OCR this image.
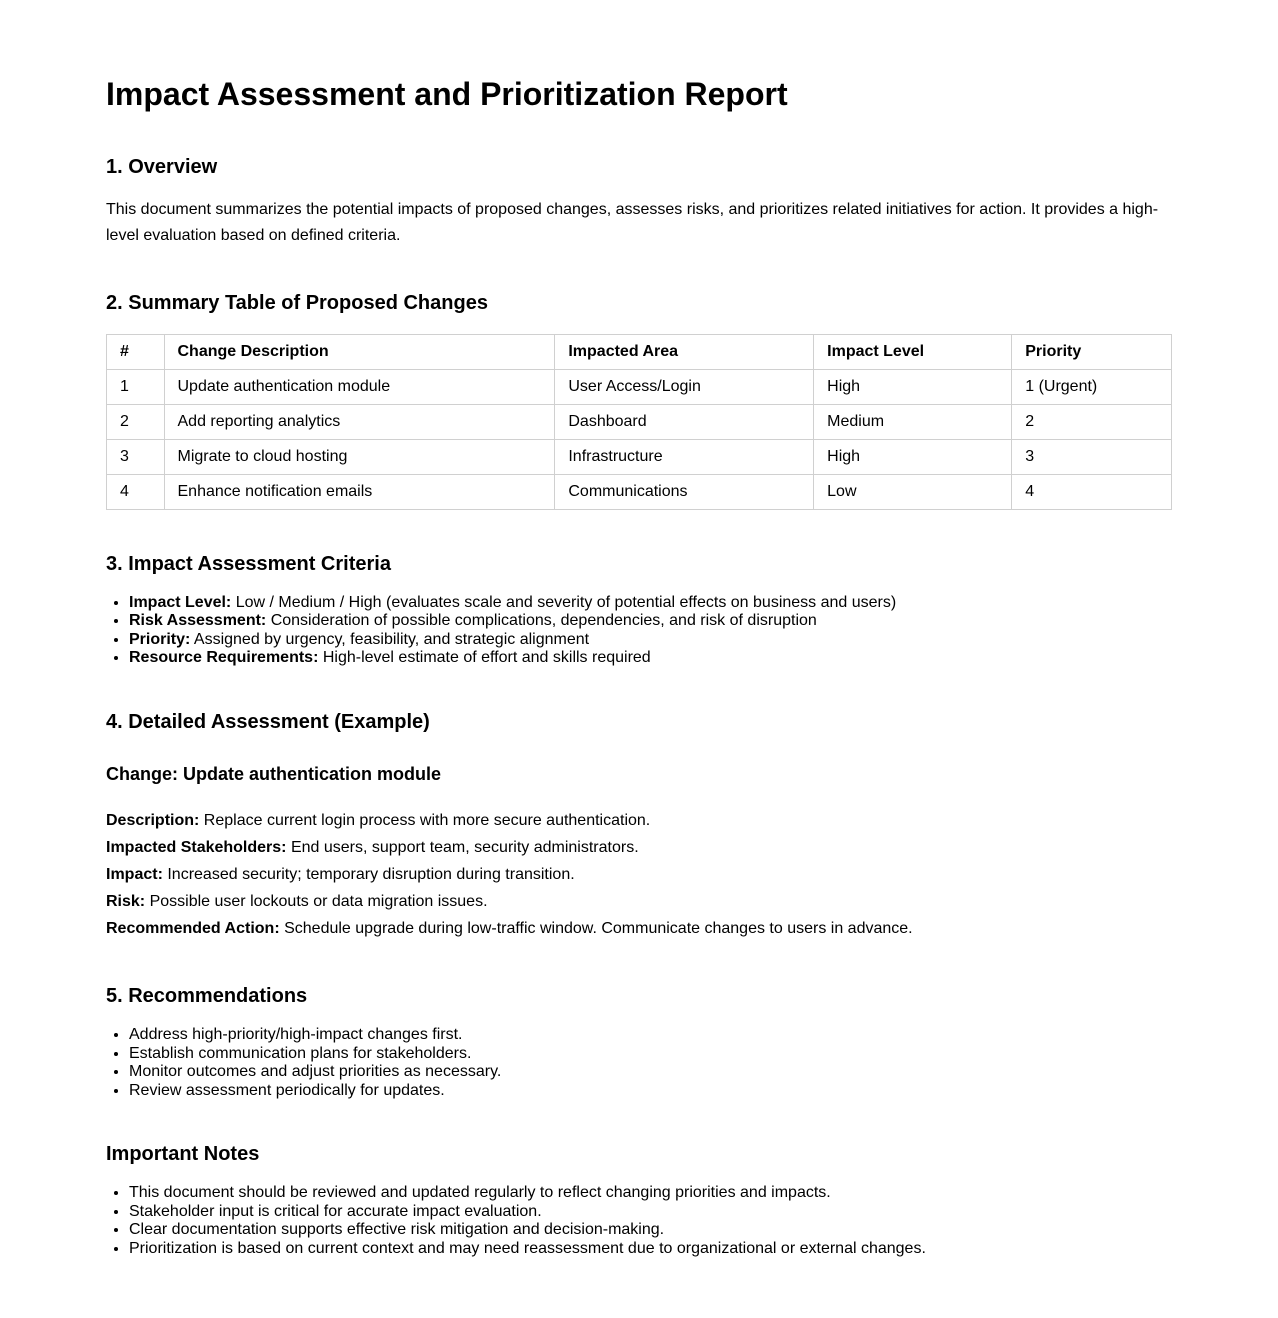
Impact Assessment and Prioritization Report
1. Overview

This document summarizes the potential impacts of proposed changes, assesses risks, and prioritizes related initiatives for action. It provides a high-level evaluation based on defined criteria.

2. Summary Table of Proposed Changes
#	Change Description	Impacted Area	Impact Level	Priority
1	Update authentication module	User Access/Login	High	1 (Urgent)
2	Add reporting analytics	Dashboard	Medium	2
3	Migrate to cloud hosting	Infrastructure	High	3
4	Enhance notification emails	Communications	Low	4
3. Impact Assessment Criteria
• Impact Level: Low / Medium / High (evaluates scale and severity of potential effects on business and users)
• Risk Assessment: Consideration of possible complications, dependencies, and risk of disruption
• Priority: Assigned by urgency, feasibility, and strategic alignment
• Resource Requirements: High-level estimate of effort and skills required
4. Detailed Assessment (Example)
Change: Update authentication module

Description: Replace current login process with more secure authentication.

Impacted Stakeholders: End users, support team, security administrators.

Impact: Increased security; temporary disruption during transition.

Risk: Possible user lockouts or data migration issues.

Recommended Action: Schedule upgrade during low-traffic window. Communicate changes to users in advance.

5. Recommendations
• Address high-priority/high-impact changes first.
• Establish communication plans for stakeholders.
• Monitor outcomes and adjust priorities as necessary.
• Review assessment periodically for updates.
Important Notes
• This document should be reviewed and updated regularly to reflect changing priorities and impacts.
• Stakeholder input is critical for accurate impact evaluation.
• Clear documentation supports effective risk mitigation and decision-making.
• Prioritization is based on current context and may need reassessment due to organizational or external changes.
